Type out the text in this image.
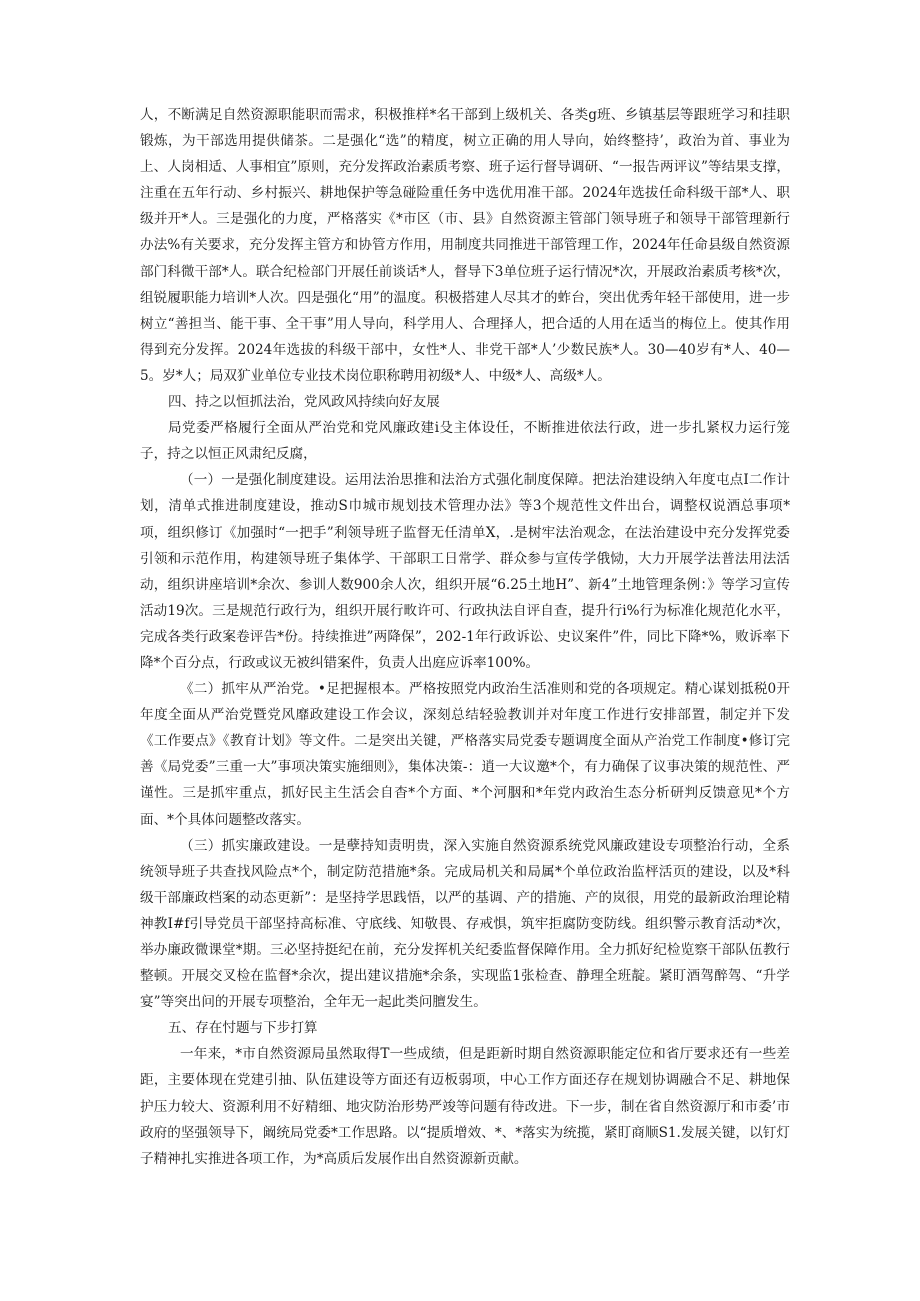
人，不断满足自然资源职能职而需求，积极推样*名干部到上级机关、各类g班、乡镇基层等跟班学习和挂职锻炼，为干部选用提供储茶。二是强化“选”的精度，树立正确的用人导向，始终整持’，政治为首、事业为上、人岗相适、人事相宜”原则，充分发挥政治素质考察、班子运行督导调研、“一报告两评议”等结果支撑，注重在五年行动、乡村振兴、耕地保护等急碰险重任务中选优用准干部。2024年选拔任命科级干部*人、职级并开*人。三是强化的力度，严格落实《*市区（市、县》自然资源主管部门领导班子和领导干部管理新行办法%有关要求，充分发挥主管方和协管方作用，用制度共同推进干部管理工作，2024年任命县级自然资源部门科微干部*人。联合纪检部门开展任前谈话*人，督导下3单位班子运行情况*次，开展政治素质考核*次，组锐履职能力培训*人次。四是强化“用”的温度。积极搭建人尽其才的蚱台，突出优秀年轻干部使用，进一步树立“善担当、能干事、全干事”用人导向，科学用人、合理择人，把合适的人用在适当的梅位上。使其作用得到充分发挥。2024年选拔的科级干部中，女性*人、非党干部*人’少数民族*人。30—40岁有*人、40—5。岁*人；局双犷业单位专业技术岗位职称聘用初级*人、中级*人、高级*人。

四、持之以恒抓法治，党风政风持续向好友展

局党委严格履行全面从严治党和党风廉政建i殳主体设任，不断推进依法行政，进一步扎紧权力运行笼子，持之以恒正风肃纪反腐，

（一）一是强化制度建设。运用法治思推和法治方式强化制度保障。把法治建设纳入年度屯点I二作计划，清单式推进制度建设，推动S巾城市规划技术管理办法》等3个规范性文件出台，调整权说酒总事项*项，组织修订《加强时“一把手”利领导班子监督无任清单X，.是树牢法治观念，在法治建设中充分发挥党委引领和示范作用，构建领导班子集体学、干部职工日常学、群众参与宣传学俄恸，大力开展学法普法用法活动，组织讲座培训*余次、参训人数900余人次，组织开展“6.25土地H”、新4”土地管理条例：》等学习宣传活动19次。三是规范行政行为，组织开展行畋许可、行政执法自评自查，提升行i%行为标准化规范化水平，完成各类行政案卷评告*份。持续推进”两降保”，202-1年行政诉讼、史议案件”件，同比下降*%，败诉率下降*个百分点，行政或议无被纠错案件，负责人出庭应诉率100%。

《二）抓牢从严治党。•足把握根本。严格按照党内政治生活准则和党的各项规定。精心谋划抵税0开年度全面从严治党暨党风靡政建设工作会议，深刻总结轻验教训并对年度工作进行安排部置，制定并下发《工作要点》《教育计划》等文件。二是突出关键，严格落实局党委专题调度全面从产治党工作制度•修订完善《局党委”三重一大”事项决策实施细则》，集体决策-：逍一大议邀*个，有力确保了议事决策的规范性、严谨性。三是抓牢重点，抓好民主生活会自杳*个方面、*个河胭和*年党内政治生态分析研判反馈意见*个方面、*个具体问题整改落实。

（三）抓实廉政建设。一是孽持知责明贵，深入实施自然资源系统党风廉政建设专项整治行动，全系统领导班子共查找风险点*个，制定防范措施*条。完成局机关和局属*个单位政治监枰活页的建设，以及*科级干部廉政档案的动态更新”：是坚持学思践悟，以严的基调、产的措施、产的岚很，用党的最新政治理论精神教I#f引导党员干部坚持高标准、守底线、知敬畏、存戒惧，筑牢拒腐防变防线。组织警示教育活动*次，举办廉政微课堂*期。三必坚持挺纪在前，充分发挥机关纪委监督保障作用。全力抓好纪检览察干部队伍教行整顿。开展交叉检在监督*余次，提出建议措施*余条，实现监1张检查、静理全班靛。紧盯酒驾醉驾、“升学宴”等突出问的开展专项整治，全年无一起此类问膻发生。

五、存在忖题与下步打算

一年来，*市自然资源局虽然取得T一些成绩，但是距新时期自然资源职能定位和省厅要求还有一些差距，主要体现在党建引抽、队伍建设等方面还有迈板弱项，中心工作方面还存在规划协调融合不足、耕地保护压力较大、资源利用不好精细、地灾防治形势严竣等问题有待改进。下一步，制在省自然资源厅和市委’市政府的坚强领导下，阚统局党委*工作思路。以“提质增效、*、*落实为统揽，紧盯商顺S1.发展关键，以钉灯子精神扎实推进各项工作，为*高质后发展作出自然资源新贡献。
